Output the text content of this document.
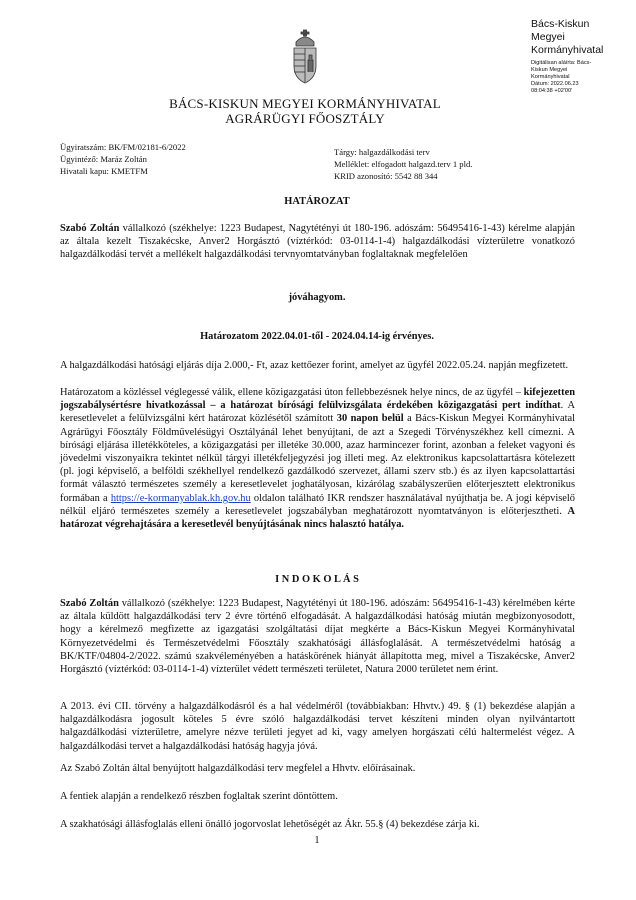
Bács-Kiskun
Megyei
Kormányhivatal
Digitálisan aláírta: Bács-
Kiskun Megyei
Kormányhivatal
Dátum: 2022.06.23
08:04:38 +02'00'
BÁCS-KISKUN MEGYEI KORMÁNYHIVATAL
AGRÁRÜGYI FŐOSZTÁLY
Ügyiratszám: BK/FM/02181-6/2022
Ügyintéző: Maráz Zoltán
Hivatali kapu: KMETFM
Tárgy: halgazdálkodási terv
Melléklet: elfogadott halgazd.terv 1 pld.
KRID azonosító: 5542 88 344
HATÁROZAT

Szabó Zoltán vállalkozó (székhelye: 1223 Budapest, Nagytétényi út 180-196. adószám: 56495416-1-43) kérelme alapján az általa kezelt Tiszakécske, Anver2 Horgásztó (víztérkód: 03-0114-1-4) halgazdálkodási vízterületre vonatkozó halgazdálkodási tervét a mellékelt halgazdálkodási tervnyomtatványban foglaltaknak megfelelően

jóváhagyom.
Határozatom 2022.04.01-től - 2024.04.14-ig érvényes.

A halgazdálkodási hatósági eljárás díja 2.000,- Ft, azaz kettőezer forint, amelyet az ügyfél 2022.05.24. napján megfizetett.

Határozatom a közléssel véglegessé válik, ellene közigazgatási úton fellebbezésnek helye nincs, de az ügyfél – kifejezetten jogszabálysértésre hivatkozással – a határozat bírósági felülvizsgálata érdekében közigazgatási pert indíthat. A keresetlevelet a felülvizsgálni kért határozat közlésétől számított 30 napon belül a Bács-Kiskun Megyei Kormányhivatal Agrárügyi Főosztály Földművelésügyi Osztályánál lehet benyújtani, de azt a Szegedi Törvényszékhez kell címezni. A bírósági eljárása illetékköteles, a közigazgatási per illetéke 30.000, azaz harmincezer forint, azonban a feleket vagyoni és jövedelmi viszonyaikra tekintet nélkül tárgyi illetékfeljegyzési jog illeti meg. Az elektronikus kapcsolattartásra kötelezett (pl. jogi képviselő, a belföldi székhellyel rendelkező gazdálkodó szervezet, állami szerv stb.) és az ilyen kapcsolattartási formát választó természetes személy a keresetlevelet joghatályosan, kizárólag szabályszerűen előterjesztett elektronikus formában a https://e-kormanyablak.kh.gov.hu oldalon található IKR rendszer használatával nyújthatja be. A jogi képviselő nélkül eljáró természetes személy a keresetlevelet jogszabályban meghatározott nyomtatványon is előterjesztheti. A határozat végrehajtására a keresetlevél benyújtásának nincs halasztó hatálya.

I N D O K O L Á S

Szabó Zoltán vállalkozó (székhelye: 1223 Budapest, Nagytétényi út 180-196. adószám: 56495416-1-43) kérelmében kérte az általa küldött halgazdálkodási terv 2 évre történő elfogadását. A halgazdálkodási hatóság miután megbizonyosodott, hogy a kérelmező megfizette az igazgatási szolgáltatási díjat megkérte a Bács-Kiskun Megyei Kormányhivatal Környezetvédelmi és Természetvédelmi Főosztály szakhatósági állásfoglalását. A természetvédelmi hatóság a BK/KTF/04804-2/2022. számú szakvéleményében a hatáskörének hiányát állapította meg, mivel a Tiszakécske, Anver2 Horgásztó (víztérkód: 03-0114-1-4) vízterület védett természeti területet, Natura 2000 területet nem érint.

A 2013. évi CII. törvény a halgazdálkodásról és a hal védelméről (továbbiakban: Hhvtv.) 49. § (1) bekezdése alapján a halgazdálkodásra jogosult köteles 5 évre szóló halgazdálkodási tervet készíteni minden olyan nyilvántartott halgazdálkodási vízterületre, amelyre nézve területi jegyet ad ki, vagy amelyen horgászati célú haltermelést végez. A halgazdálkodási tervet a halgazdálkodási hatóság hagyja jóvá.

Az Szabó Zoltán által benyújtott halgazdálkodási terv megfelel a Hhvtv. előírásainak.

A fentiek alapján a rendelkező részben foglaltak szerint döntöttem.

A szakhatósági állásfoglalás elleni önálló jogorvoslat lehetőségét az Ákr. 55.§ (4) bekezdése zárja ki.

1
